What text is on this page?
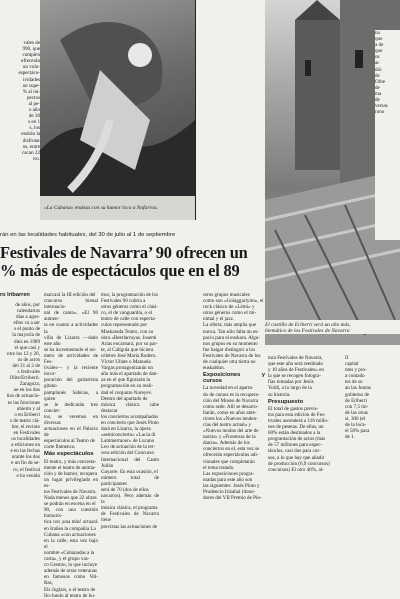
vales de

990, que

cumplen

ofrecerán

un volu-

espectácu-

ividades

ue supe-

% al nú-

pectos

al pe-

o año

de 30

s en 1

s, los

endrán la

disfrutar

os, entre

cacan 22

tro.

«La Cubana» endoza con su humor loco a Nafarroa.
El castillo de Eriberri será un año más,
blemático de los Festivales de Navarra

na

que

a de

que

os

ac

dió

de

Olite

de

ma

de

versas

rono

rán en las localidades habituales, del 30 de julio al 1 de septiembre
Festivales de Navarra’ 90 ofrecen un
% más de espectáculos que en el 89
ro Iribarren

de años, por

calendarios

días a agos-

ellos va a ser

s el punto de

la mayoría de

diez en 1989

el que casi y

ntre los 12 y 26,

os de actos

del 31 al 2 de

s festivales

Olite/Erriberri.

Zaragoza,

ue en los dos

ños de actuacio-

es las funciones

ubierto y al

o en Eriberri

s de teatro clá-

bre, el recinto

en Festivales

os localidades

a ediciones en

e en las fechas

urante los dos

e un fin de se-

ro, el festival

e ha venido

marcará la III edición del

concurso bienal internacio-

nal de canto». «El 90 aumen-

ta en cuanto a actividades la

villa de Lizarra —dado este año

se ha incrementado el nú-

mero de actividades de Fes-

tivales— y la reciente incor-

poración del guitarrista gitano

pamplonés Sabicas, a quien

se le dedicarán tres concier-

tos, se veremos en diversas

actuaciones en el Palacio de

espectáculos al Teatro de

corte flamenco.

Más espectáculos

El teatro, y más concreta-

mente el teatro de anima-

ción y de humor, recupera

un lugar privilegiado en es-

tos Festivales de Navarra.

Nada menos que 22 obras

se podrán en escena en el

90, con una cuestión humorís-

tica con ¡una más! actuará

en Iruñea la compañía La

Cubana «con actuaciones

en la calle, esta vez bajo el

nombre «Cubanadas a la

carta», y el grupo vas-

co Gremio, lo que incluye

además de otras veteranas

en famosos como Vol-Ras,

Els Joglars, o el teatro de

Ilo-Jundo al teatro de hu-

mor, la programación de los

Festivales 90 cubría a

otros géneros como el clási-

co, el de vanguardia, o el

teatro de calle con especta-

culos representado por

Maskarada Teatro, con su

obra «Beerlarruyas. Josemi

Arias encarnará, por su par-

te, al Calígula que hiciera

célebre José María Rodero.

Víctor Ullate o Manuela

Vargas protagonizarán un

año más el apartado de dan-

za en el que figurarán la

programación en su reali-

dad el conjunto Nureyev.

Dentro del apartado de

música clásica cabe destacar

los conciertos acompañados

en concierto que Josés Pinto

dará en Lizarra, la ópera

«semiconcierto» «Lucia di

Lammermoor» de Lucano

Leo de actuación de la ter-

cera edición del Concurso

Internacional del Canto Julián

Gayarre. En esta ocasión, el

número total de participantes

será de 70 (dos de ellos

navarros). Pero además de la

música clásica, el programa

de Festivales de Navarra tiene

previstas las actuaciones de

otros grupos musicales

como son «Golaggariyim», el

rock clásico de «Lémi» y

otros géneros como el mi-

nimal y el jazz.

La oferta, más amplia que

nunca. Tan sólo falta un es-

pacio para el euskara. Algu-

nos grupos en su momento

fue baigar distinguir a los

Festivales de Navarra de los

de cualquier otra tierra no

euskaldun.

Exposiciones y cursos

La novedad en el aparta-

do de cursos es la recupera-

ción del Museo de Navarra

como sede. Allí se desarro-

llarán, como en años ante-

riores los «Nuevos tenden-

cias del teatro actual» y

«Nuevos modos del arte de

narrar» y «Fronteras de la

danza». Además de los

conciertos en el, esta vez se

ofrecerán espectáculos adi-

cionales que completarán

el tema tratado.

Las exposiciones progra-

madas para este año son

las siguientes: Josés Pinto y

Prudencio Irizabal (dono-

dores del VII Premio de Pin-

tura Festivales de Navarra,

que este año será reeditado

y 10 años de Festivales» en

la que se recogen fotogra-

fías tomadas por Jesús

Yoldi, a lo largo de la

su historia.

Presupuesto

El total de gastos previs-

tos para esta edición de Fes-

tivales ascenderá a 116 millo-

nes de pesetas. De ellas, un

60% están destinados a la

programación de actos (más

de 57 millones para espec-

táculos, casi dos para cur-

sos, a lo que hay que añadir

de producción (6,9 concursos)

concursos) El otro 40%, al-

II

capital

ntes y pro-

a contado

tes de su

an las Juntas

gobierno de

de Eriberri

con 7,5 mi-

de las otras

sí, 300 (el

de la loca-

el 50% para

de 1.
